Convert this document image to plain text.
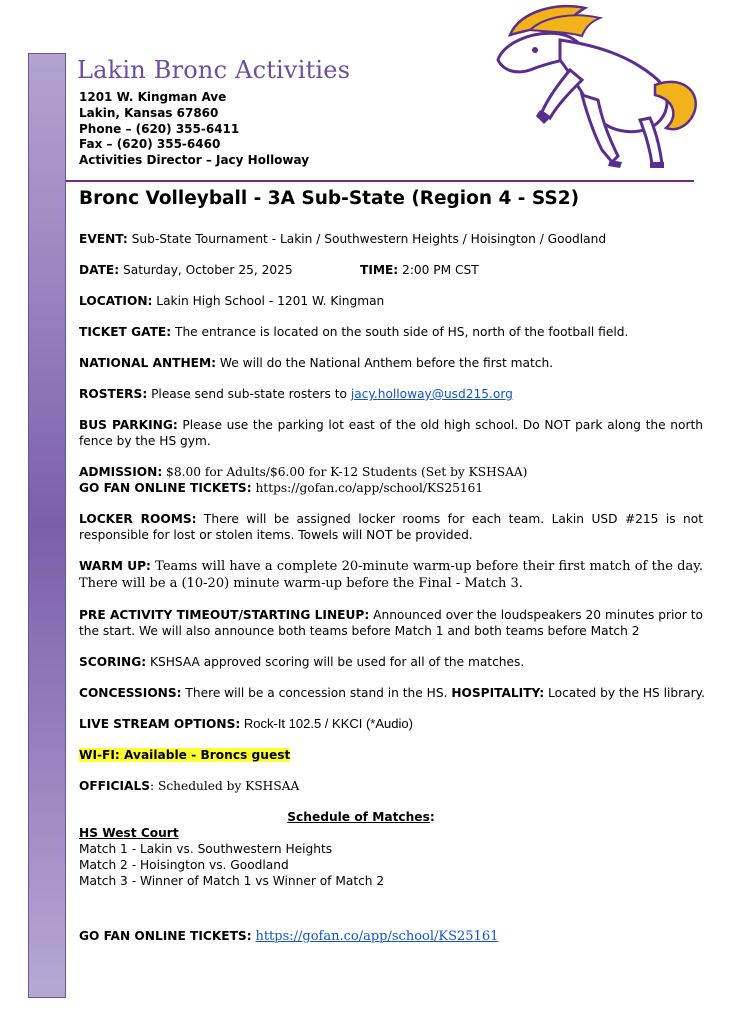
Lakin Bronc Activities
1201 W. Kingman Ave
Lakin, Kansas 67860
Phone – (620) 355-6411
Fax – (620) 355-6460
Activities Director – Jacy Holloway
Bronc Volleyball - 3A Sub-State (Region 4 - SS2)
EVENT: Sub-State Tournament - Lakin / Southwestern Heights / Hoisington / Goodland
DATE: Saturday, October 25, 2025	TIME: 2:00 PM CST
LOCATION: Lakin High School - 1201 W. Kingman
TICKET GATE: The entrance is located on the south side of HS, north of the football field.
NATIONAL ANTHEM: We will do the National Anthem before the first match.
ROSTERS: Please send sub-state rosters to jacy.holloway@usd215.org
BUS PARKING: Please use the parking lot east of the old high school. Do NOT park along the north fence by the HS gym.
ADMISSION: $8.00 for Adults/$6.00 for K-12 Students (Set by KSHSAA)
GO FAN ONLINE TICKETS: https://gofan.co/app/school/KS25161
LOCKER ROOMS: There will be assigned locker rooms for each team. Lakin USD #215 is not responsible for lost or stolen items. Towels will NOT be provided.
WARM UP: Teams will have a complete 20-minute warm-up before their first match of the day. There will be a (10-20) minute warm-up before the Final - Match 3.
PRE ACTIVITY TIMEOUT/STARTING LINEUP: Announced over the loudspeakers 20 minutes prior to the start. We will also announce both teams before Match 1 and both teams before Match 2
SCORING: KSHSAA approved scoring will be used for all of the matches.
CONCESSIONS: There will be a concession stand in the HS. HOSPITALITY: Located by the HS library.
LIVE STREAM OPTIONS: Rock-It 102.5 / KKCI (*Audio)
WI-FI: Available - Broncs guest
OFFICIALS: Scheduled by KSHSAA
Schedule of Matches:
HS West Court
Match 1 - Lakin vs. Southwestern Heights
Match 2 - Hoisington vs. Goodland
Match 3 - Winner of Match 1 vs Winner of Match 2
GO FAN ONLINE TICKETS: https://gofan.co/app/school/KS25161
